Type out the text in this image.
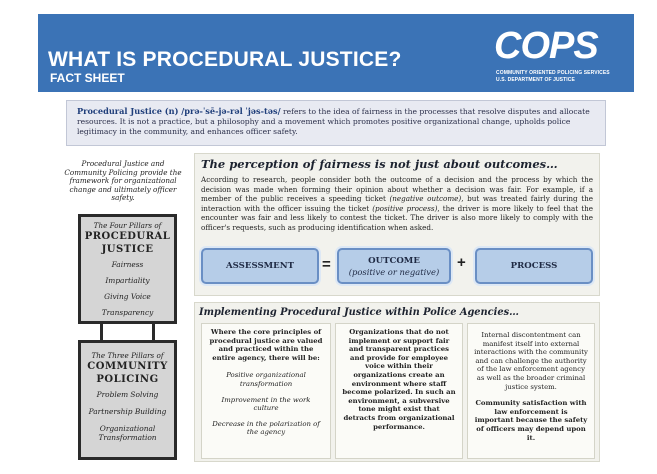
WHAT IS PROCEDURAL JUSTICE?
FACT SHEET
COPS
COMMUNITY ORIENTED POLICING SERVICES
U.S. DEPARTMENT OF JUSTICE
Procedural Justice (n) /prə-ˈsē-jə-rəl ˈjəs-təs/ refers to the idea of fairness in the processes that resolve disputes and allocate resources. It is not a practice, but a philosophy and a movement which promotes positive organizational change, upholds police legitimacy in the community, and enhances officer safety.
Procedural Justice and Community Policing provide the framework for organizational change and ultimately officer safety.
The Four Pillars of
PROCEDURAL
JUSTICE
Fairness
Impartiality
Giving Voice
Transparency
The Three Pillars of
COMMUNITY
POLICING
Problem Solving
Partnership Building
Organizational Transformation
The perception of fairness is not just about outcomes…
According to research, people consider both the outcome of a decision and the process by which the decision was made when forming their opinion about whether a decision was fair. For example, if a member of the public receives a speeding ticket (negative outcome), but was treated fairly during the interaction with the officer issuing the ticket (positive process), the driver is more likely to feel that the encounter was fair and less likely to contest the ticket. The driver is also more likely to comply with the officer's requests, such as producing identification when asked.
ASSESSMENT =	OUTCOME
(positive or negative)
+	PROCESS
Implementing Procedural Justice within Police Agencies…

Where the core principles of procedural justice are valued and practiced within the entire agency, there will be:

Positive organizational transformation

Improvement in the work culture

Decrease in the polarization of the agency

Organizations that do not implement or support fair and transparent practices and provide for employee voice within their organizations create an environment where staff become polarized. In such an environment, a subversive tone might exist that detracts from organizational performance.

Internal discontentment can manifest itself into external interactions with the community and can challenge the authority of the law enforcement agency as well as the broader criminal justice system.

Community satisfaction with law enforcement is important because the safety of officers may depend upon it.
